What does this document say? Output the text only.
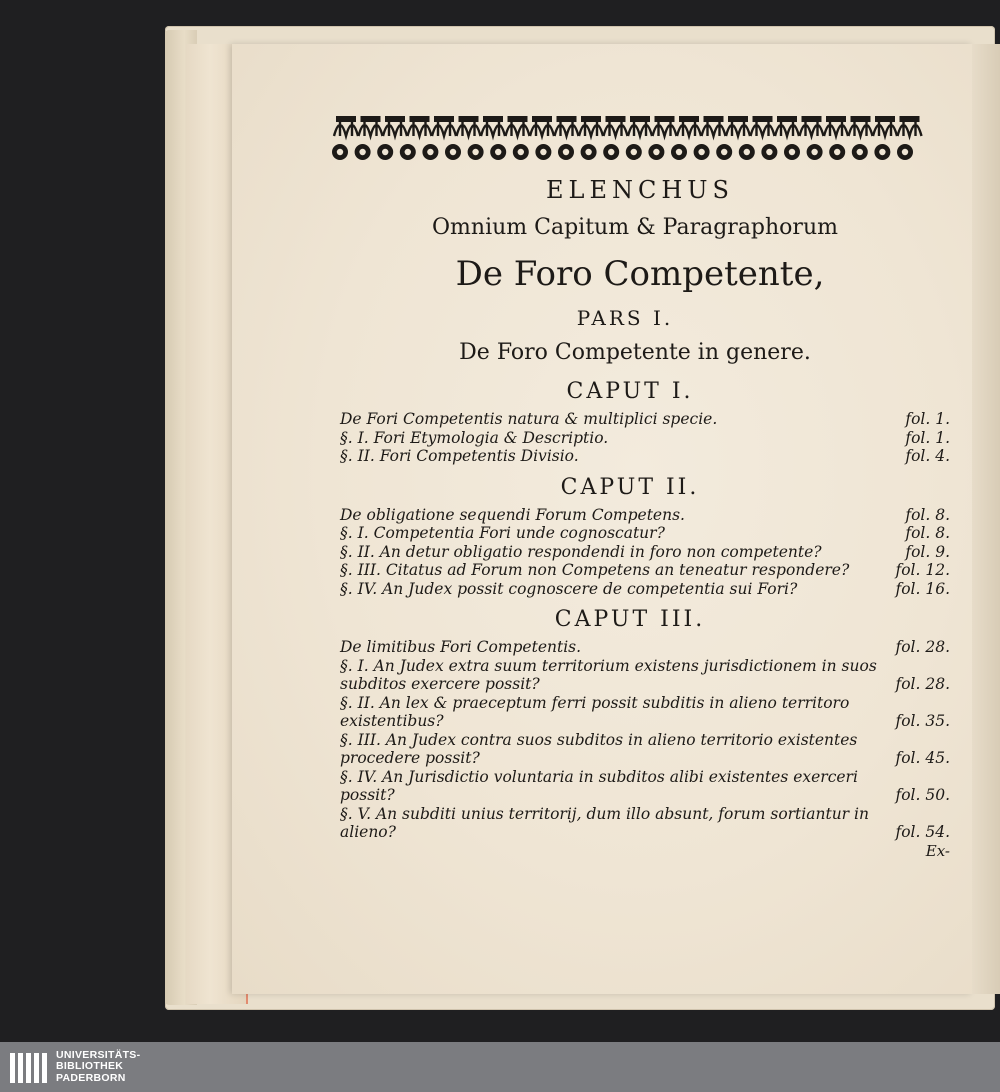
ELENCHUS
Omnium Capitum & Paragraphorum
De Foro Competente,
PARS I.
De Foro Competente in genere.
CAPUT I.
De Fori Competentis natura & multiplici specie.	fol. 1.
§. I. Fori Etymologia & Descriptio.	fol. 1.
§. II. Fori Competentis Divisio.	fol. 4.
CAPUT II.
De obligatione sequendi Forum Competens.	fol. 8.
§. I. Competentia Fori unde cognoscatur?	fol. 8.
§. II. An detur obligatio respondendi in foro non competente?	fol. 9.
§. III. Citatus ad Forum non Competens an teneatur respondere?	fol. 12.
§. IV. An Judex possit cognoscere de competentia sui Fori?	fol. 16.
CAPUT III.
De limitibus Fori Competentis.	fol. 28.
§. I. An Judex extra suum territorium existens jurisdictionem in suos subditos exercere possit?	fol. 28.
§. II. An lex & praeceptum ferri possit subditis in alieno territoro existentibus?	fol. 35.
§. III. An Judex contra suos subditos in alieno territorio existentes procedere possit?	fol. 45.
§. IV. An Jurisdictio voluntaria in subditos alibi existentes exerceri possit?	fol. 50.
§. V. An subditi unius territorij, dum illo absunt, forum sortiantur in alieno?	fol. 54.
Ex-
UNIVERSITÄTS-
BIBLIOTHEK
PADERBORN
